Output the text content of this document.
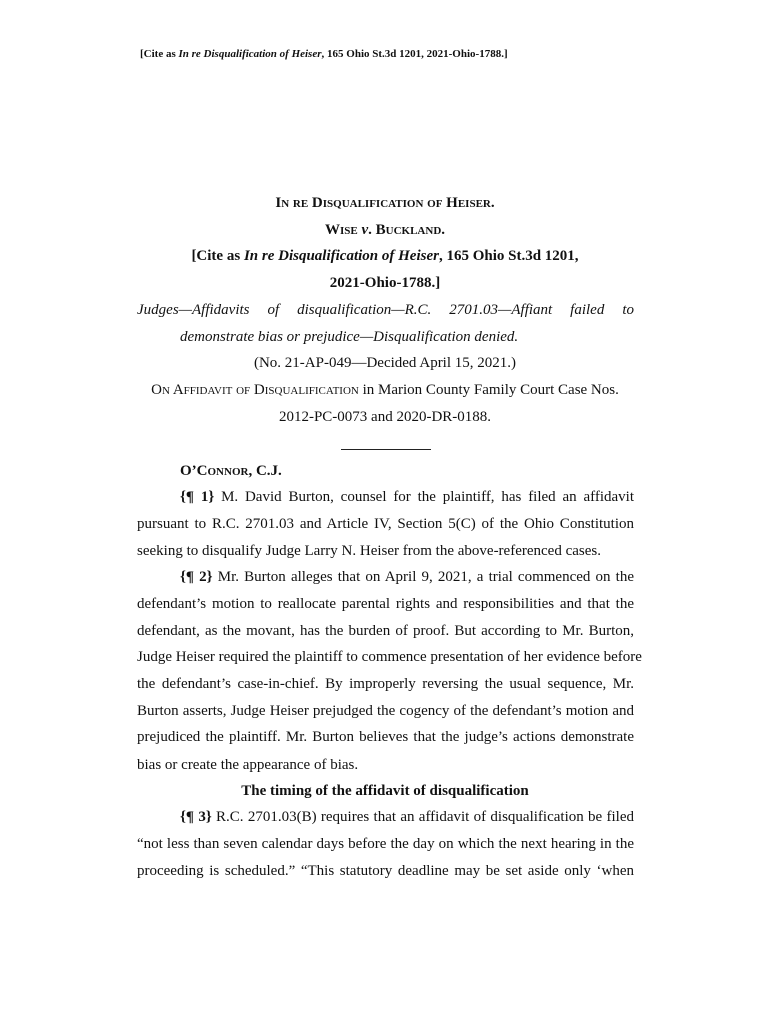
[Cite as In re Disqualification of Heiser, 165 Ohio St.3d 1201, 2021-Ohio-1788.]
In re Disqualification of Heiser.
Wise v. Buckland.
[Cite as In re Disqualification of Heiser, 165 Ohio St.3d 1201,
2021-Ohio-1788.]
Judges—Affidavits of disqualification—R.C. 2701.03—Affiant failed to
demonstrate bias or prejudice—Disqualification denied.
(No. 21-AP-049—Decided April 15, 2021.)
On Affidavit of Disqualification in Marion County Family Court Case Nos.
2012-PC-0073 and 2020-DR-0188.
O’Connor, C.J.
{¶ 1} M. David Burton, counsel for the plaintiff, has filed an affidavit
pursuant to R.C. 2701.03 and Article IV, Section 5(C) of the Ohio Constitution
seeking to disqualify Judge Larry N. Heiser from the above-referenced cases.
{¶ 2} Mr. Burton alleges that on April 9, 2021, a trial commenced on the
defendant’s motion to reallocate parental rights and responsibilities and that the
defendant, as the movant, has the burden of proof. But according to Mr. Burton,
Judge Heiser required the plaintiff to commence presentation of her evidence before
the defendant’s case-in-chief. By improperly reversing the usual sequence, Mr.
Burton asserts, Judge Heiser prejudged the cogency of the defendant’s motion and
prejudiced the plaintiff. Mr. Burton believes that the judge’s actions demonstrate
bias or create the appearance of bias.
The timing of the affidavit of disqualification
{¶ 3} R.C. 2701.03(B) requires that an affidavit of disqualification be filed
“not less than seven calendar days before the day on which the next hearing in the
proceeding is scheduled.” “This statutory deadline may be set aside only ‘when
